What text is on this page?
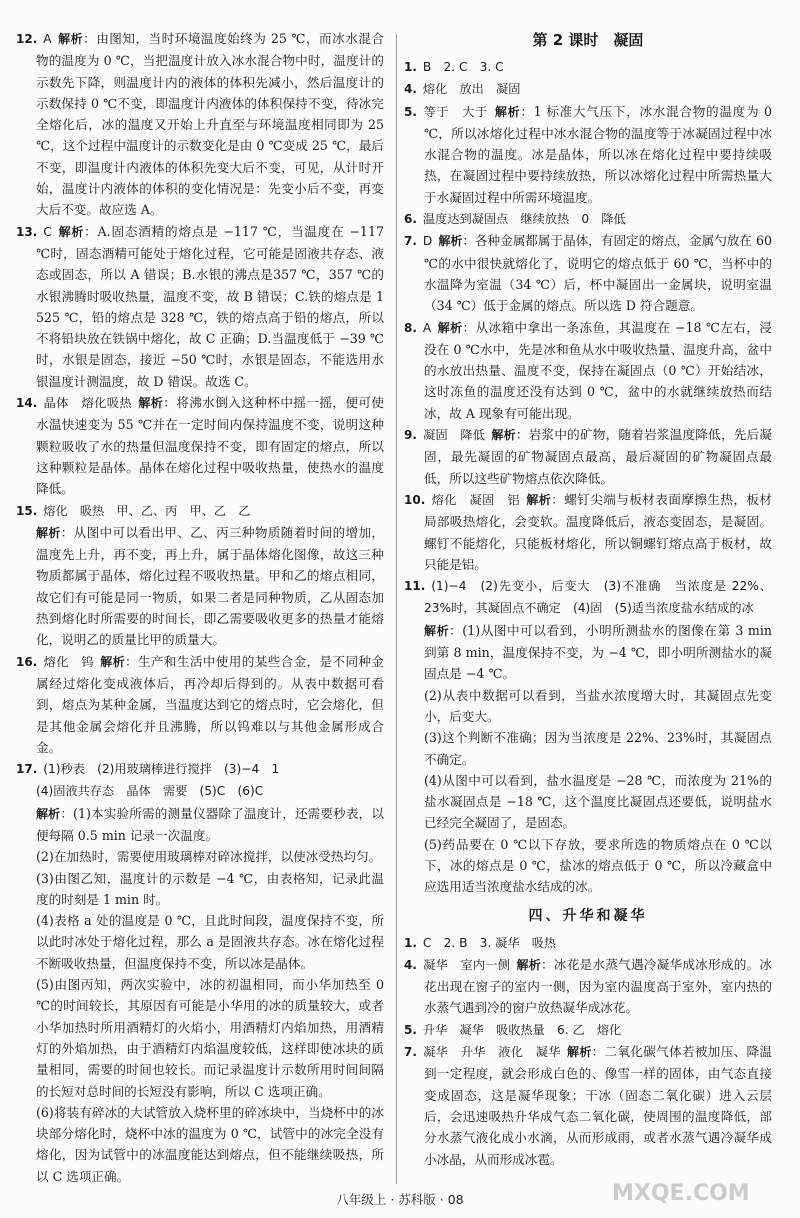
12. A 解析：由图知，当时环境温度始终为 25 ℃，而冰水混合物的温度为 0 ℃，当把温度计放入冰水混合物中时，温度计的示数先下降，则温度计内的液体的体积先减小，然后温度计的示数保持 0 ℃不变，即温度计内液体的体积保持不变，待冰完全熔化后，冰的温度又开始上升直至与环境温度相同即为 25 ℃，这个过程中温度计的示数变化是由 0 ℃变成 25 ℃，最后不变，即温度计内液体的体积先变大后不变，可见，从计时开始，温度计内液体的体积的变化情况是：先变小后不变，再变大后不变。故应选 A。

13. C 解析：A.固态酒精的熔点是 −117 ℃，当温度在 −117 ℃时，固态酒精可能处于熔化过程，它可能是固液共存态、液态或固态，所以 A 错误；B.水银的沸点是357 ℃，357 ℃的水银沸腾时吸收热量，温度不变，故 B 错误；C.铁的熔点是 1 525 ℃，铅的熔点是 328 ℃，铁的熔点高于铅的熔点，所以不将铅块放在铁锅中熔化，故 C 正确；D.当温度低于 −39 ℃时，水银是固态，接近 −50 ℃时，水银是固态，不能选用水银温度计测温度，故 D 错误。故选 C。

14. 晶体　熔化吸热 解析：将沸水倒入这种杯中摇一摇，便可使水温快速变为 55 ℃并在一定时间内保持温度不变，说明这种颗粒吸收了水的热量但温度保持不变，即有固定的熔点，所以这种颗粒是晶体。晶体在熔化过程中吸收热量，使热水的温度降低。

15. 熔化　吸热　甲、乙、丙　甲、乙　乙

解析：从图中可以看出甲、乙、丙三种物质随着时间的增加，温度先上升，再不变，再上升，属于晶体熔化图像，故这三种物质都属于晶体，熔化过程不吸收热量。甲和乙的熔点相同，故它们有可能是同一物质，如果二者是同种物质，乙从固态加热到熔化时所需要的时间长，即乙需要吸收更多的热量才能熔化，说明乙的质量比甲的质量大。

16. 熔化　钨 解析：生产和生活中使用的某些合金，是不同种金属经过熔化变成液体后，再冷却后得到的。从表中数据可看到，熔点为某种金属，当温度达到它的熔点时，它会熔化，但是其他金属会熔化并且沸腾，所以钨难以与其他金属形成合金。

17. (1)秒表　(2)用玻璃棒进行搅拌　(3)−4　1

(4)固液共存态　晶体　需要　(5)C　(6)C

解析：(1)本实验所需的测量仪器除了温度计，还需要秒表，以便每隔 0.5 min 记录一次温度。

(2)在加热时，需要使用玻璃棒对碎冰搅拌，以使冰受热均匀。

(3)由图乙知，温度计的示数是 −4 ℃，由表格知，记录此温度的时刻是 1 min 时。

(4)表格 a 处的温度是 0 ℃，且此时间段，温度保持不变，所以此时冰处于熔化过程，那么 a 是固液共存态。冰在熔化过程不断吸收热量，但温度保持不变，所以冰是晶体。

(5)由图丙知，两次实验中，冰的初温相同，而小华加热至 0 ℃的时间较长，其原因有可能是小华用的冰的质量较大，或者小华加热时所用酒精灯的火焰小，用酒精灯内焰加热，用酒精灯的外焰加热，由于酒精灯内焰温度较低，这样即使冰块的质量相同，需要的时间也较长。而记录温度计示数所用时间间隔的长短对总时间的长短没有影响，所以 C 选项正确。

(6)将装有碎冰的大试管放入烧杯里的碎冰块中，当烧杯中的冰块部分熔化时，烧杯中冰的温度为 0 ℃，试管中的冰完全没有熔化，因为试管中的冰温度能达到熔点，但不能继续吸热，所以 C 选项正确。

第 2 课时　凝固

1. B　2. C　3. C

4. 熔化　放出　凝固

5. 等于　大于 解析：1 标准大气压下，冰水混合物的温度为 0 ℃，所以冰熔化过程中冰水混合物的温度等于冰凝固过程中冰水混合物的温度。冰是晶体，所以冰在熔化过程中要持续吸热，在凝固过程中要持续放热，所以冰熔化过程中所需热量大于水凝固过程中所需环境温度。

6. 温度达到凝固点　继续放热　0　降低

7. D 解析：各种金属都属于晶体，有固定的熔点，金属勺放在 60 ℃的水中很快就熔化了，说明它的熔点低于 60 ℃，当杯中的水温降为室温（34 ℃）后，杯中凝固出一金属块，说明室温（34 ℃）低于金属的熔点。所以选 D 符合题意。

8. A 解析：从冰箱中拿出一条冻鱼，其温度在 −18 ℃左右，浸没在 0 ℃水中，先是冰和鱼从水中吸收热量、温度升高，盆中的水放出热量、温度不变，保持在凝固点（0 ℃）开始结冰，这时冻鱼的温度还没有达到 0 ℃，盆中的水就继续放热而结冰，故 A 现象有可能出现。

9. 凝固　降低 解析：岩浆中的矿物，随着岩浆温度降低，先后凝固，最先凝固的矿物凝固点最高，最后凝固的矿物凝固点最低，所以这些矿物熔点依次降低。

10. 熔化　凝固　铝 解析：螺钉尖端与板材表面摩擦生热，板材局部吸热熔化，会变软。温度降低后，液态变固态，是凝固。螺钉不能熔化，只能板材熔化，所以铜螺钉熔点高于板材，故只能是铝。

11. (1)−4　(2)先变小，后变大　(3)不准确　当浓度是 22%、23%时，其凝固点不确定　(4)固　(5)适当浓度盐水结成的冰

解析：(1)从图中可以看到，小明所测盐水的图像在第 3 min 到第 8 min，温度保持不变，为 −4 ℃，即小明所测盐水的凝固点是 −4 ℃。

(2)从表中数据可以看到，当盐水浓度增大时，其凝固点先变小，后变大。

(3)这个判断不准确；因为当浓度是 22%、23%时，其凝固点不确定。

(4)从图中可以看到，盐水温度是 −28 ℃，而浓度为 21%的盐水凝固点是 −18 ℃，这个温度比凝固点还要低，说明盐水已经完全凝固了，是固态。

(5)药品要在 0 ℃以下存放，要求所选的物质熔点在 0 ℃以下，冰的熔点是 0 ℃，盐冰的熔点低于 0 ℃，所以冷藏盒中应选用适当浓度盐水结成的冰。

四、升华和凝华

1. C　2. B　3. 凝华　吸热

4. 凝华　室内一侧 解析：冰花是水蒸气遇冷凝华成冰形成的。冰花出现在窗子的室内一侧，因为室内温度高于室外，室内热的水蒸气遇到冷的窗户放热凝华成冰花。

5. 升华　凝华　吸收热量　6. 乙　熔化

7. 凝华　升华　液化　凝华 解析：二氧化碳气体若被加压、降温到一定程度，就会形成白色的、像雪一样的固体，由气态直接变成固态，这是凝华现象；干冰（固态二氧化碳）进入云层后，会迅速吸热升华成气态二氧化碳，使周围的温度降低，部分水蒸气液化成小水滴，从而形成雨，或者水蒸气遇冷凝华成小冰晶，从而形成冰雹。

八年级上 · 苏科版 · 08	MXQE.COM
